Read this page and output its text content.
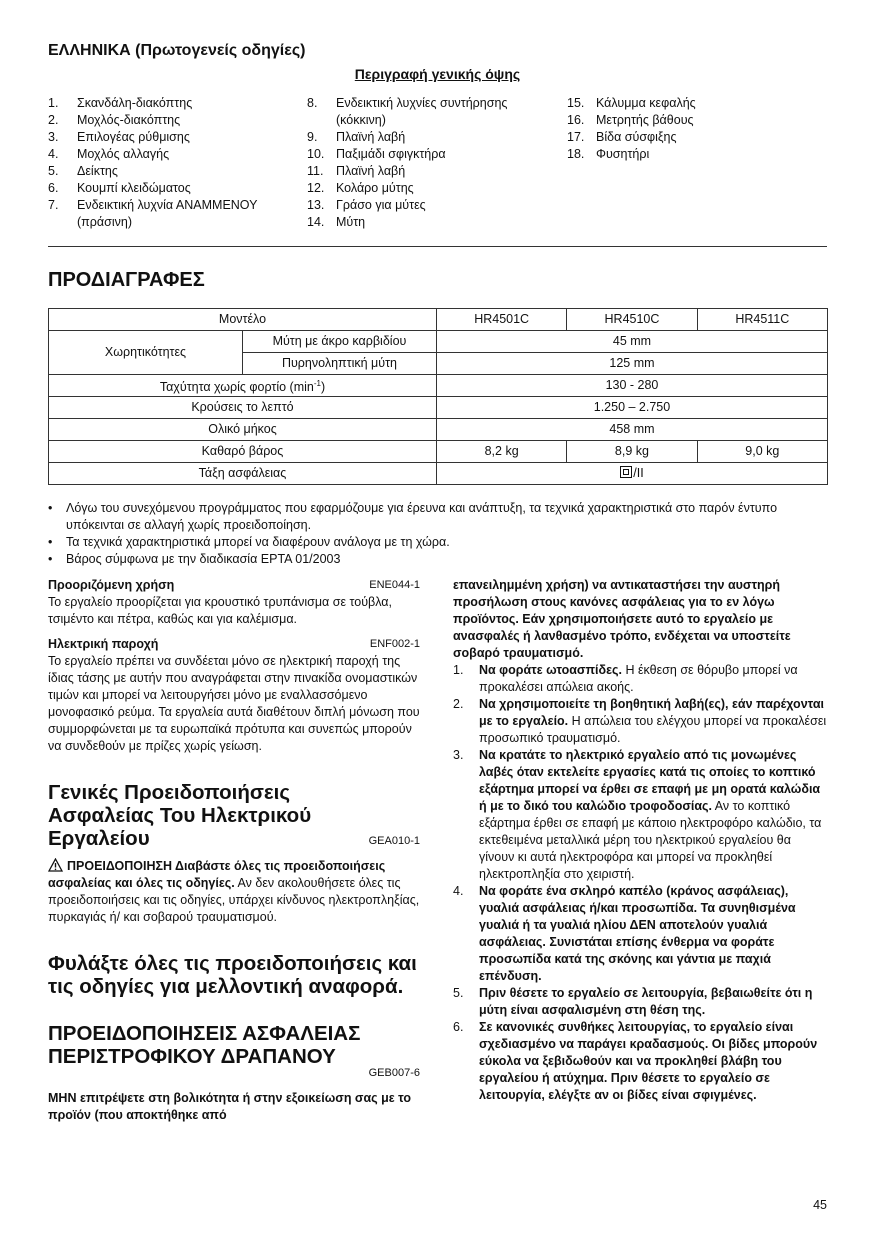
ΕΛΛΗΝΙΚΑ (Πρωτογενείς οδηγίες)
Περιγραφή γενικής όψης
1.	Σκανδάλη-διακόπτης
2.	Μοχλός-διακόπτης
3.	Επιλογέας ρύθμισης
4.	Μοχλός αλλαγής
5.	Δείκτης
6.	Κουμπί κλειδώματος
7.	Ενδεικτική λυχνία ΑΝΑΜΜΕΝΟΥ (πράσινη)
8.	Ενδεικτική λυχνίες συντήρησης (κόκκινη)
9.	Πλαϊνή λαβή
10. Παξιμάδι σφιγκτήρα
11.	Πλαϊνή λαβή
12. Κολάρο μύτης
13. Γράσο για μύτες
14. Μύτη
15. Κάλυμμα κεφαλής
16. Μετρητής βάθους
17. Βίδα σύσφιξης
18. Φυσητήρι
ΠΡΟΔΙΑΓΡΑΦΕΣ
Μοντέλο		HR4501C	HR4510C	HR4511C
Χωρητικότητες	Μύτη με άκρο καρβιδίου	45 mm		
	Πυρηνοληπτική μύτη	125 mm		
Ταχύτητα χωρίς φορτίο $(\min^{-1})$		130 - 280		
Κρούσεις το λεπτό		1.250 – 2.750		
Ολικό μήκος		458 mm		
Καθαρό βάρος		8,2 kg	8,9 kg	9,0 kg
Τάξη ασφάλειας		/II		
•	Λόγω του συνεχόμενου προγράμματος που εφαρμόζουμε για έρευνα και ανάπτυξη, τα τεχνικά χαρακτηριστικά στο παρόν έντυπο υπόκεινται σε αλλαγή χωρίς προειδοποίηση.
•	Τα τεχνικά χαρακτηριστικά μπορεί να διαφέρουν ανάλογα με τη χώρα.
•	Βάρος σύμφωνα με την διαδικασία EPTA 01/2003
Προοριζόμενη χρήση	ENE044-1

Το εργαλείο προορίζεται για κρουστικό τρυπάνισμα σε τούβλα, τσιμέντο και πέτρα, καθώς και για καλέμισμα.

Ηλεκτρική παροχή	ENF002-1

Το εργαλείο πρέπει να συνδέεται μόνο σε ηλεκτρική παροχή της ίδιας τάσης με αυτήν που αναγράφεται στην πινακίδα ονομαστικών τιμών και μπορεί να λειτουργήσει μόνο με εναλλασσόμενο μονοφασικό ρεύμα. Τα εργαλεία αυτά διαθέτουν διπλή μόνωση που συμμορφώνεται με τα ευρωπαϊκά πρότυπα και συνεπώς μπορούν να συνδεθούν με πρίζες χωρίς γείωση.

Γενικές Προειδοποιήσεις
Ασφαλείας Του Ηλεκτρικού
Εργαλείου	GEA010-1

ΠΡΟΕΙΔΟΠΟΙΗΣΗ Διαβάστε όλες τις προειδοποιήσεις ασφαλείας και όλες τις οδηγίες. Αν δεν ακολουθήσετε όλες τις προειδοποιήσεις και τις οδηγίες, υπάρχει κίνδυνος ηλεκτροπληξίας, πυρκαγιάς ή/ και σοβαρού τραυματισμού.

Φυλάξτε όλες τις προειδοποιήσεις και τις οδηγίες για μελλοντική αναφορά.
ΠΡΟΕΙΔΟΠΟΙΗΣΕΙΣ ΑΣΦΑΛΕΙΑΣ
ΠΕΡΙΣΤΡΟΦΙΚΟΥ ΔΡΑΠΑΝΟΥ
GEB007-6

ΜΗΝ επιτρέψετε στη βολικότητα ή στην εξοικείωση σας με το προϊόν (που αποκτήθηκε από

επανειλημμένη χρήση) να αντικαταστήσει την αυστηρή προσήλωση στους κανόνες ασφάλειας για το εν λόγω προϊόντος. Εάν χρησιμοποιήσετε αυτό το εργαλείο με ανασφαλές ή λανθασμένο τρόπο, ενδέχεται να υποστείτε σοβαρό τραυματισμό.

1.	Να φοράτε ωτοασπίδες. Η έκθεση σε θόρυβο μπορεί να προκαλέσει απώλεια ακοής.
2.	Να χρησιμοποιείτε τη βοηθητική λαβή(ες), εάν παρέχονται με το εργαλείο. Η απώλεια του ελέγχου μπορεί να προκαλέσει προσωπικό τραυματισμό.
3.	Να κρατάτε το ηλεκτρικό εργαλείο από τις μονωμένες λαβές όταν εκτελείτε εργασίες κατά τις οποίες το κοπτικό εξάρτημα μπορεί να έρθει σε επαφή με μη ορατά καλώδια ή με το δικό του καλώδιο τροφοδοσίας. Αν το κοπτικό εξάρτημα έρθει σε επαφή με κάποιο ηλεκτροφόρο καλώδιο, τα εκτεθειμένα μεταλλικά μέρη του ηλεκτρικού εργαλείου θα γίνουν κι αυτά ηλεκτροφόρα και μπορεί να προκληθεί ηλεκτροπληξία στο χειριστή.
4.	Να φοράτε ένα σκληρό καπέλο (κράνος ασφάλειας), γυαλιά ασφάλειας ή/και προσωπίδα. Τα συνηθισμένα γυαλιά ή τα γυαλιά ηλίου ΔΕΝ αποτελούν γυαλιά ασφάλειας. Συνιστάται επίσης ένθερμα να φοράτε προσωπίδα κατά της σκόνης και γάντια με παχιά επένδυση.
5.	Πριν θέσετε το εργαλείο σε λειτουργία, βεβαιωθείτε ότι η μύτη είναι ασφαλισμένη στη θέση της.
6.	Σε κανονικές συνθήκες λειτουργίας, το εργαλείο είναι σχεδιασμένο να παράγει κραδασμούς. Οι βίδες μπορούν εύκολα να ξεβιδωθούν και να προκληθεί βλάβη του εργαλείου ή ατύχημα. Πριν θέσετε το εργαλείο σε λειτουργία, ελέγξτε αν οι βίδες είναι σφιγμένες.
45
